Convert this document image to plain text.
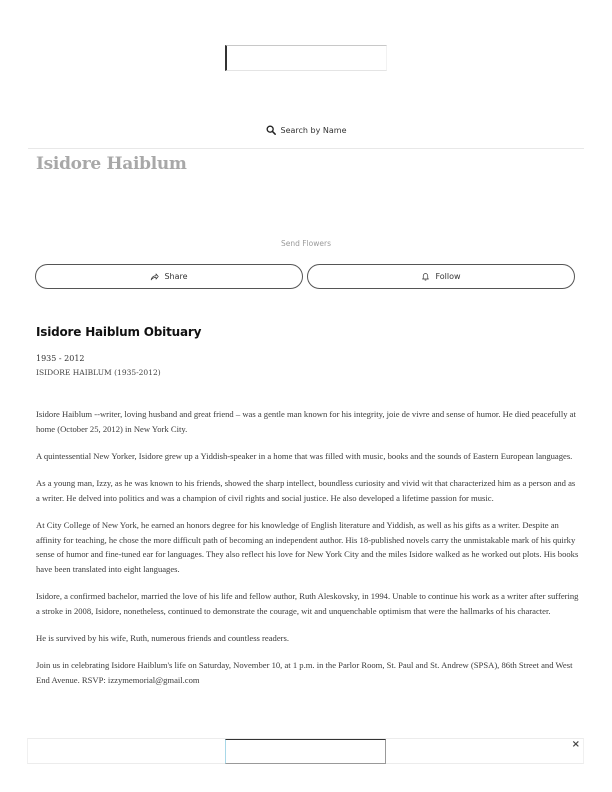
Search by Name
Isidore Haiblum
Send Flowers
Share	Follow
Isidore Haiblum Obituary
1935 - 2012
ISIDORE HAIBLUM (1935-2012)

Isidore Haiblum --writer, loving husband and great friend – was a gentle man known for his integrity, joie de vivre and sense of humor. He died peacefully at home (October 25, 2012) in New York City.

A quintessential New Yorker, Isidore grew up a Yiddish-speaker in a home that was filled with music, books and the sounds of Eastern European languages.

As a young man, Izzy, as he was known to his friends, showed the sharp intellect, boundless curiosity and vivid wit that characterized him as a person and as a writer. He delved into politics and was a champion of civil rights and social justice. He also developed a lifetime passion for music.

At City College of New York, he earned an honors degree for his knowledge of English literature and Yiddish, as well as his gifts as a writer. Despite an affinity for teaching, he chose the more difficult path of becoming an independent author. His 18-published novels carry the unmistakable mark of his quirky sense of humor and fine-tuned ear for languages. They also reflect his love for New York City and the miles Isidore walked as he worked out plots. His books have been translated into eight languages.

Isidore, a confirmed bachelor, married the love of his life and fellow author, Ruth Aleskovsky, in 1994. Unable to continue his work as a writer after suffering a stroke in 2008, Isidore, nonetheless, continued to demonstrate the courage, wit and unquenchable optimism that were the hallmarks of his character.

He is survived by his wife, Ruth, numerous friends and countless readers.

Join us in celebrating Isidore Haiblum's life on Saturday, November 10, at 1 p.m. in the Parlor Room, St. Paul and St. Andrew (SPSA), 86th Street and West End Avenue. RSVP: izzymemorial@gmail.com

×
